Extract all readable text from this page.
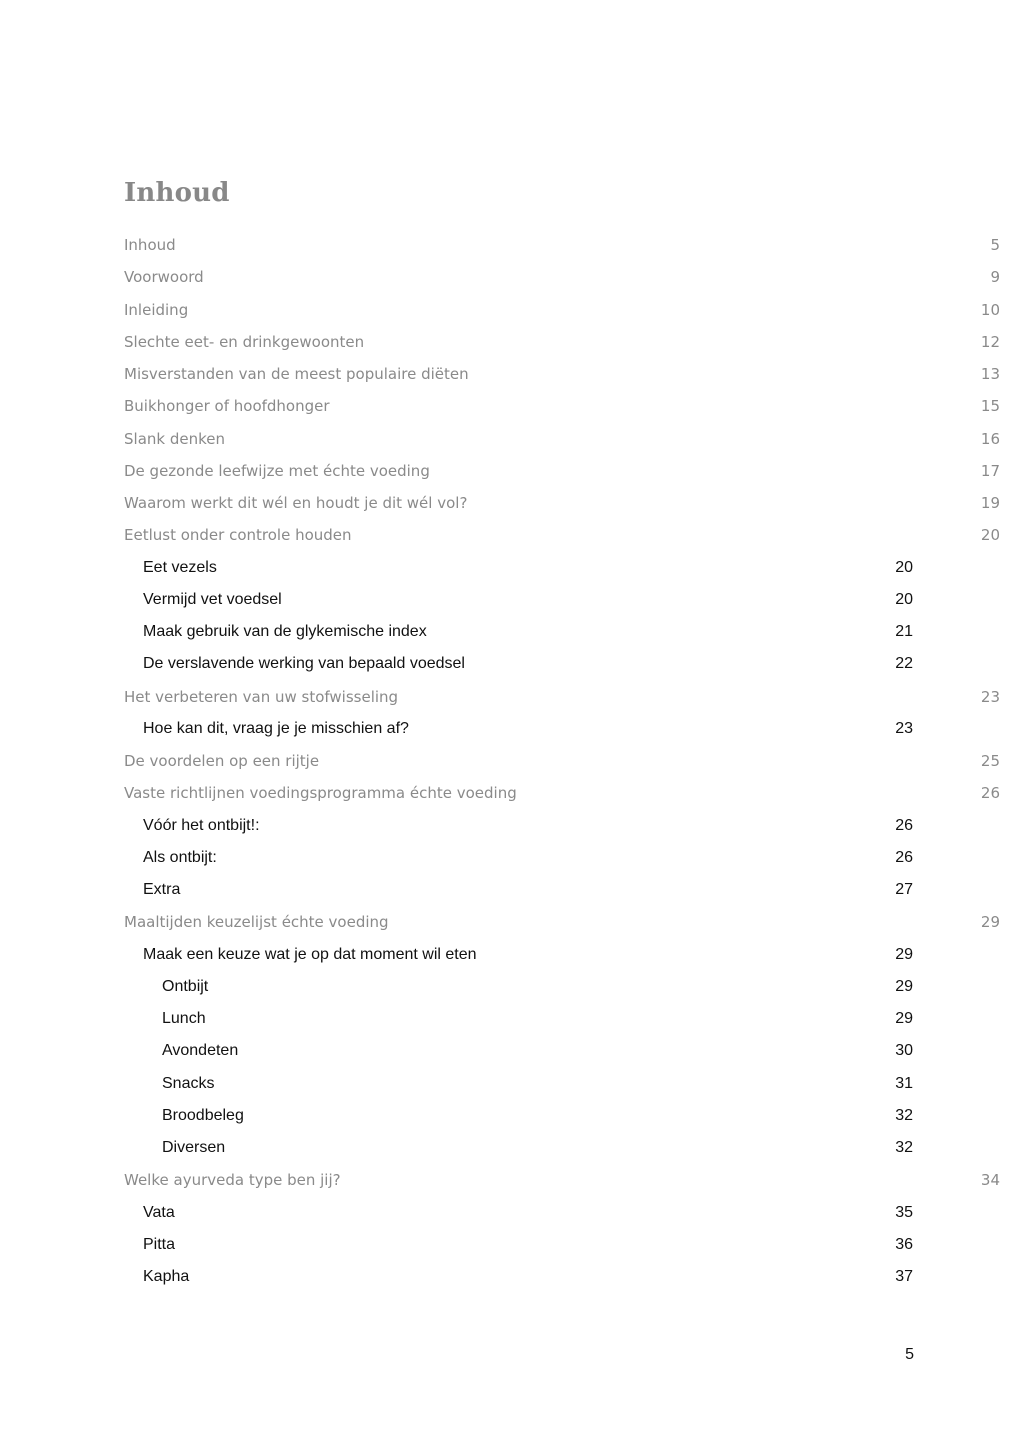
Inhoud
Inhoud	5
Voorwoord	9
Inleiding	10
Slechte eet- en drinkgewoonten	12
Misverstanden van de meest populaire diëten	13
Buikhonger of hoofdhonger	15
Slank denken	16
De gezonde leefwijze met échte voeding	17
Waarom werkt dit wél en houdt je dit wél vol?	19
Eetlust onder controle houden	20
Eet vezels	20
Vermijd vet voedsel	20
Maak gebruik van de glykemische index	21
De verslavende werking van bepaald voedsel	22
Het verbeteren van uw stofwisseling	23
Hoe kan dit, vraag je je misschien af?	23
De voordelen op een rijtje	25
Vaste richtlijnen voedingsprogramma échte voeding	26
Vóór het ontbijt!:	26
Als ontbijt:	26
Extra	27
Maaltijden keuzelijst échte voeding	29
Maak een keuze wat je op dat moment wil eten	29
Ontbijt	29
Lunch	29
Avondeten	30
Snacks	31
Broodbeleg	32
Diversen	32
Welke ayurveda type ben jij?	34
Vata	35
Pitta	36
Kapha	37
5
